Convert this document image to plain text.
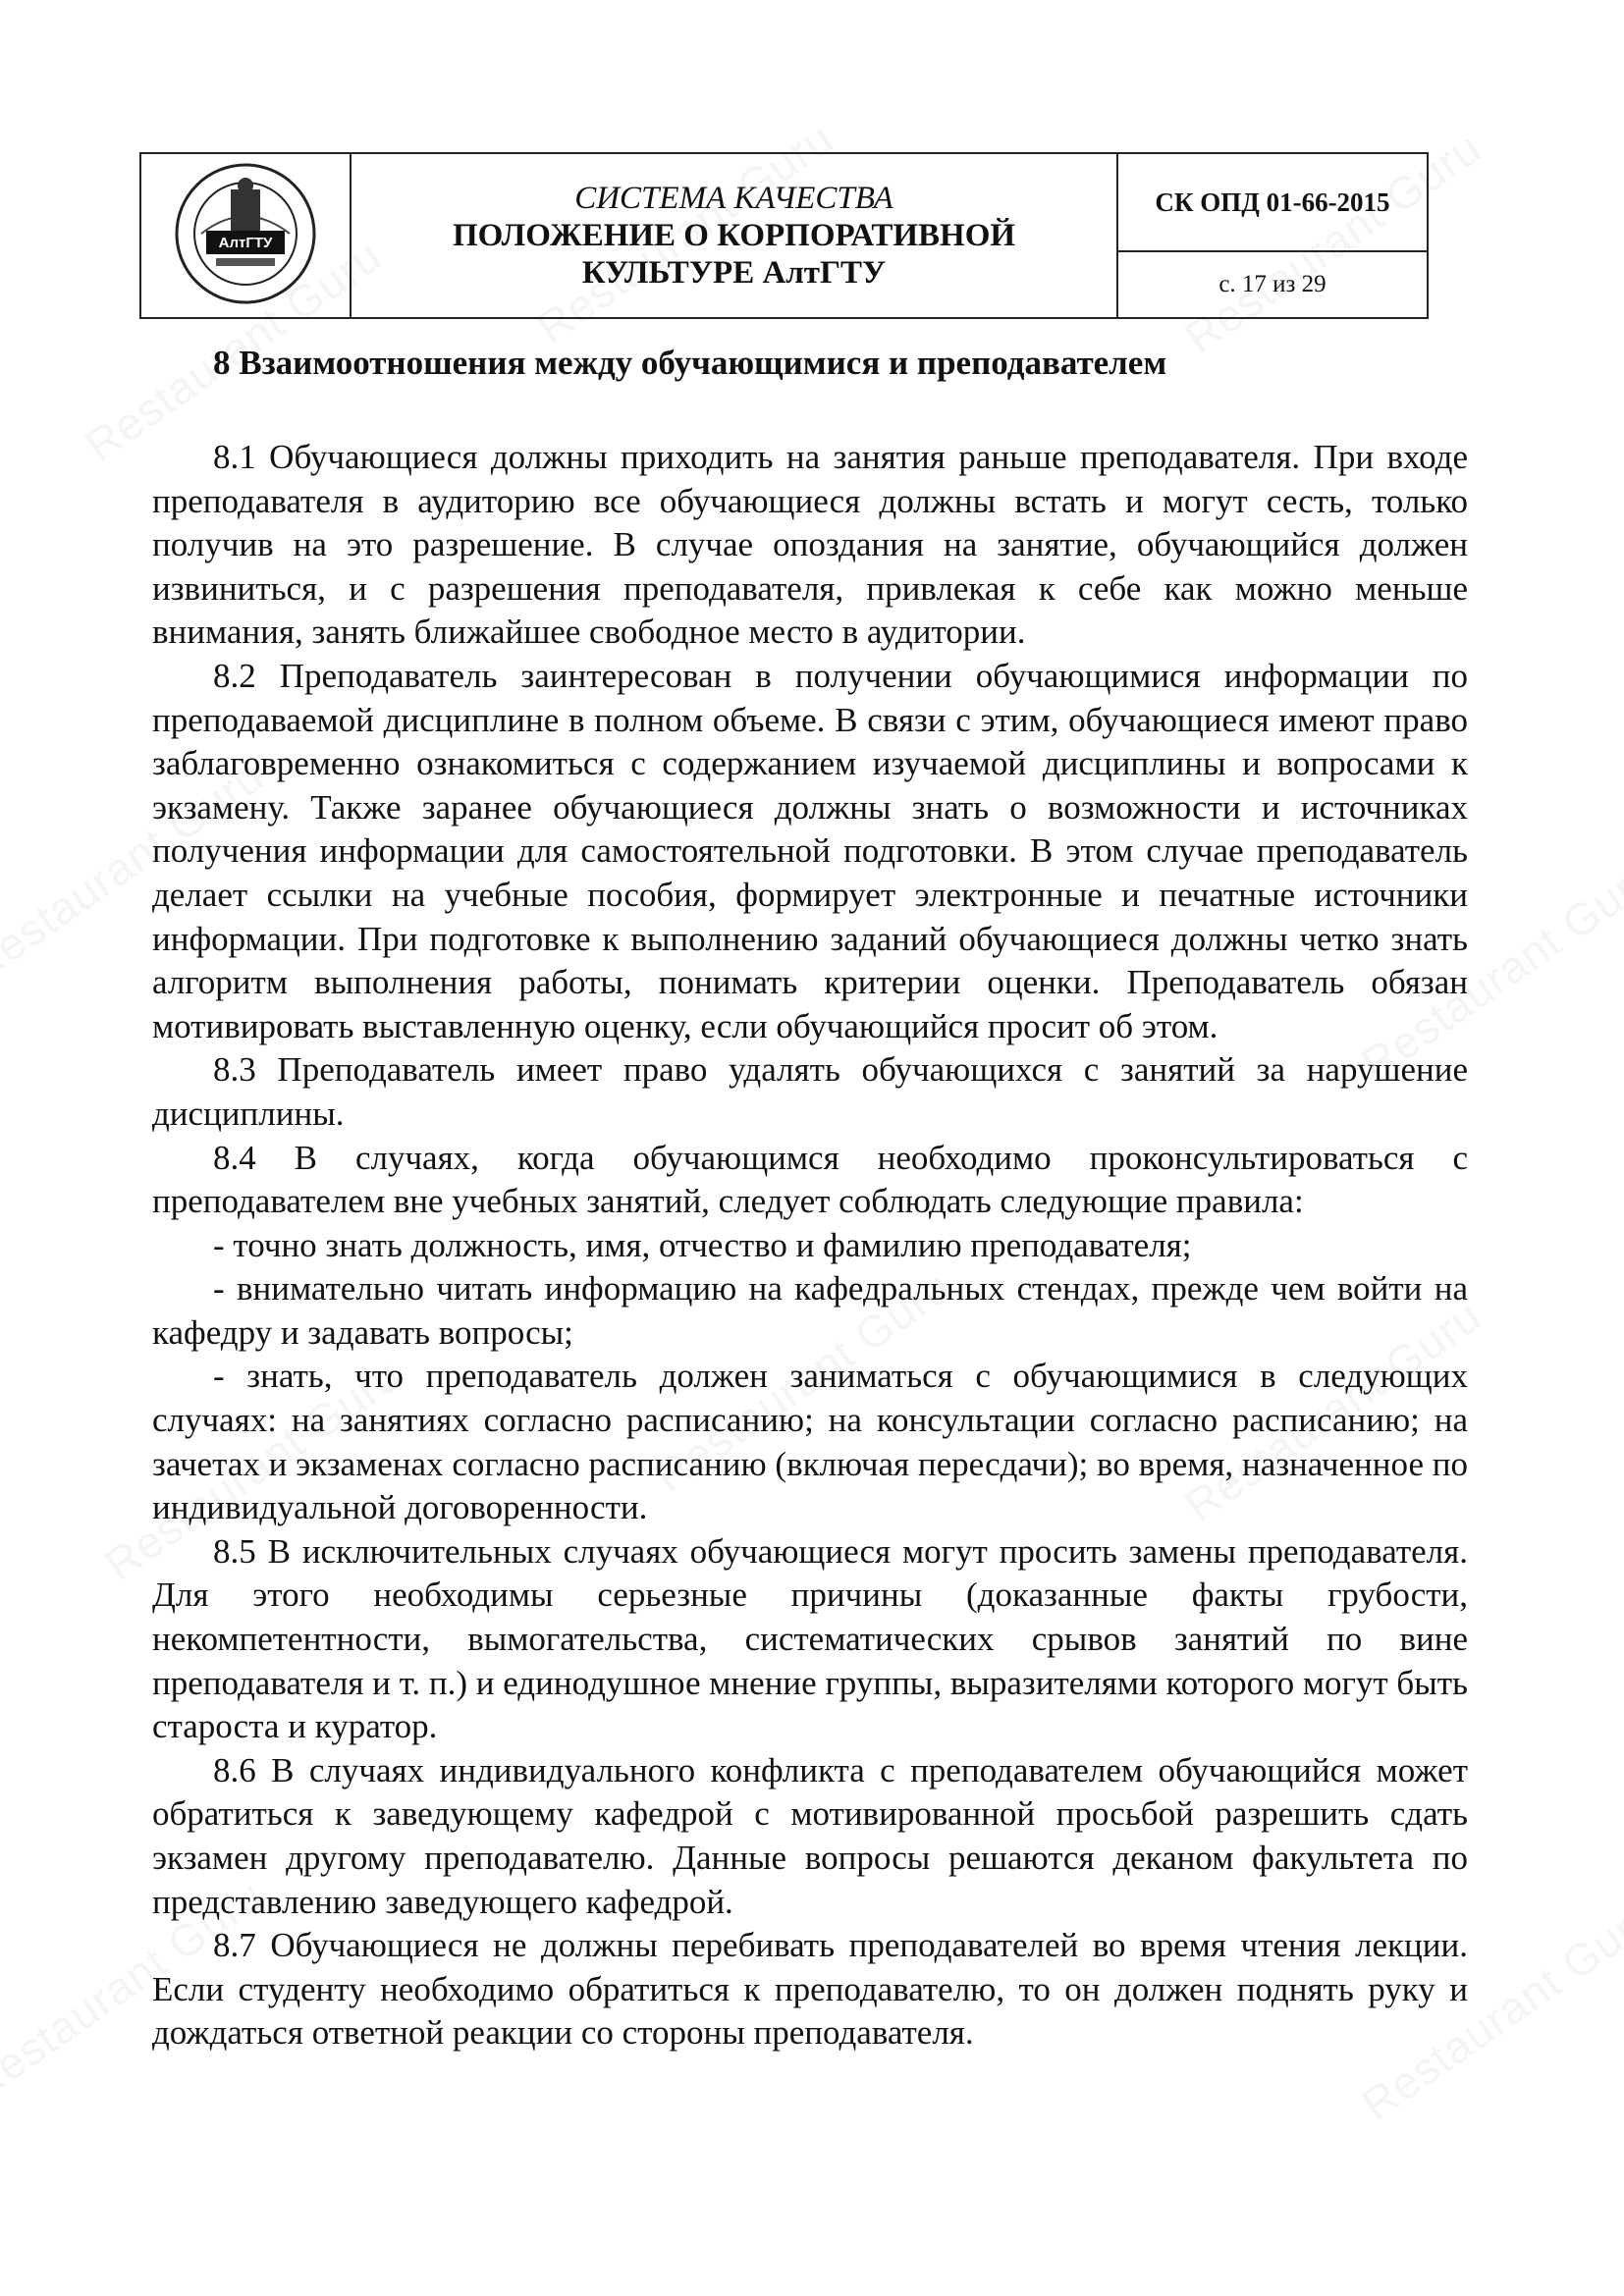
АлтГТУ

СИСТЕМА КАЧЕСТВА
ПОЛОЖЕНИЕ О КОРПОРАТИВНОЙ
КУЛЬТУРЕ АлтГТУ
	СК ОПД 01-66-2015
с. 17 из 29
8 Взаимоотношения между обучающимися и преподавателем

8.1 Обучающиеся должны приходить на занятия раньше преподавателя. При входе преподавателя в аудиторию все обучающиеся должны встать и могут сесть, только получив на это разрешение. В случае опоздания на занятие, обучающийся должен извиниться, и с разрешения преподавателя, привлекая к себе как можно меньше внимания, занять ближайшее свободное место в аудитории.

8.2 Преподаватель заинтересован в получении обучающимися информации по преподаваемой дисциплине в полном объеме. В связи с этим, обучающиеся имеют право заблаговременно ознакомиться с содержанием изучаемой дисциплины и вопросами к экзамену. Также заранее обучающиеся должны знать о возможности и источниках получения информации для самостоятельной подготовки. В этом случае преподаватель делает ссылки на учебные пособия, формирует электронные и печатные источники информации. При подготовке к выполнению заданий обучающиеся должны четко знать алгоритм выполнения работы, понимать критерии оценки. Преподаватель обязан мотивировать выставленную оценку, если обучающийся просит об этом.

8.3 Преподаватель имеет право удалять обучающихся с занятий за нарушение дисциплины.

8.4 В случаях, когда обучающимся необходимо проконсультироваться с преподавателем вне учебных занятий, следует соблюдать следующие правила:

- точно знать должность, имя, отчество и фамилию преподавателя;

- внимательно читать информацию на кафедральных стендах, прежде чем войти на кафедру и задавать вопросы;

- знать, что преподаватель должен заниматься с обучающимися в следующих случаях: на занятиях согласно расписанию; на консультации согласно расписанию; на зачетах и экзаменах согласно расписанию (включая пересдачи); во время, назначенное по индивидуальной договоренности.

8.5 В исключительных случаях обучающиеся могут просить замены преподавателя. Для этого необходимы серьезные причины (доказанные факты грубости, некомпетентности, вымогательства, систематических срывов занятий по вине преподавателя и т. п.) и единодушное мнение группы, выразителями которого могут быть староста и куратор.

8.6 В случаях индивидуального конфликта с преподавателем обучающийся может обратиться к заведующему кафедрой с мотивированной просьбой разрешить сдать экзамен другому преподавателю. Данные вопросы решаются деканом факультета по представлению заведующего кафедрой.

8.7 Обучающиеся не должны перебивать преподавателей во время чтения лекции. Если студенту необходимо обратиться к преподавателю, то он должен поднять руку и дождаться ответной реакции со стороны преподавателя.
